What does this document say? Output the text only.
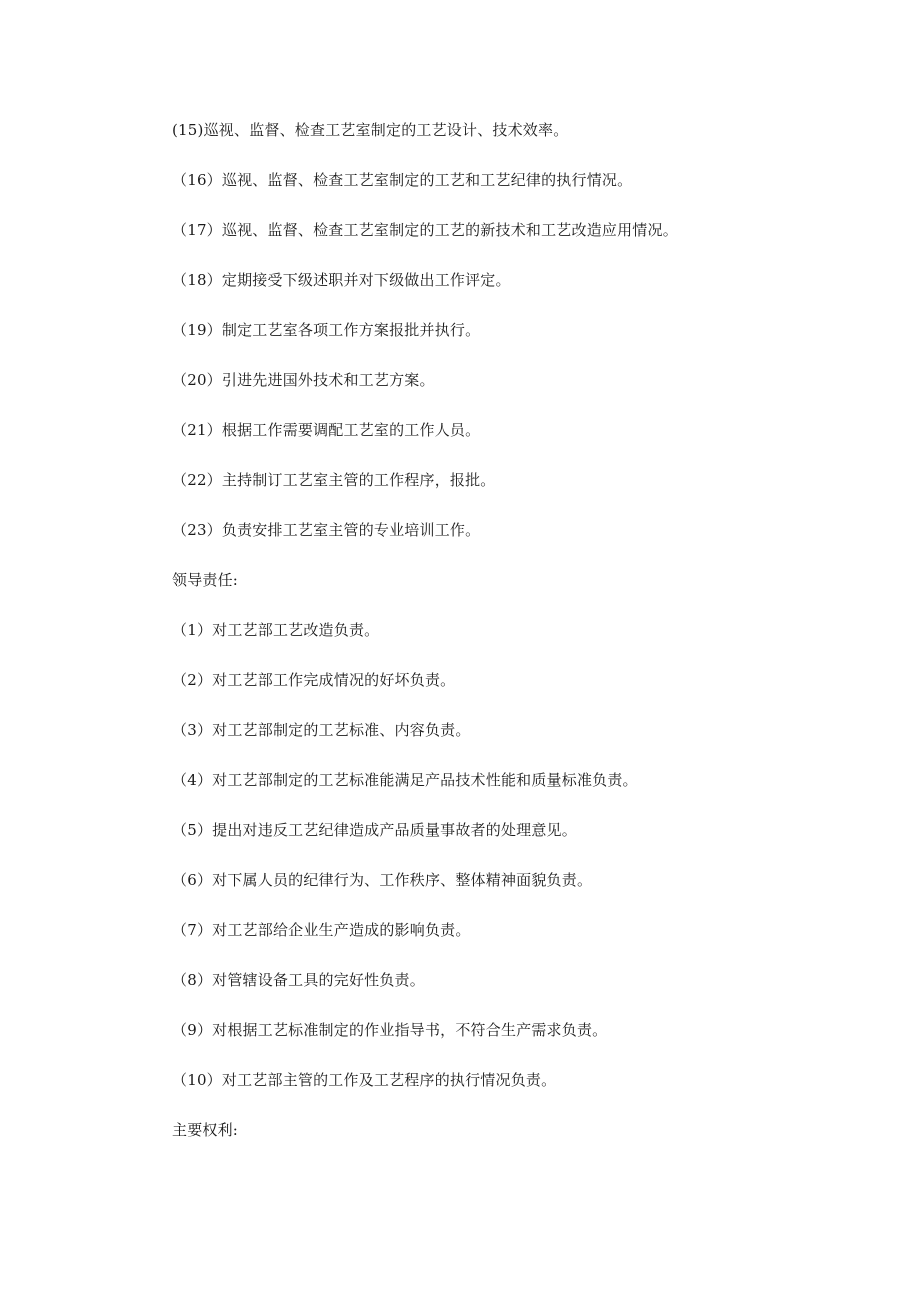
(15)巡视、监督、检查工艺室制定的工艺设计、技术效率。
（16）巡视、监督、检查工艺室制定的工艺和工艺纪律的执行情况。
（17）巡视、监督、检查工艺室制定的工艺的新技术和工艺改造应用情况。
（18）定期接受下级述职并对下级做出工作评定。
（19）制定工艺室各项工作方案报批并执行。
（20）引进先进国外技术和工艺方案。
（21）根据工作需要调配工艺室的工作人员。
（22）主持制订工艺室主管的工作程序，报批。
（23）负责安排工艺室主管的专业培训工作。
领导责任:
（1）对工艺部工艺改造负责。
（2）对工艺部工作完成情况的好坏负责。
（3）对工艺部制定的工艺标准、内容负责。
（4）对工艺部制定的工艺标准能满足产品技术性能和质量标准负责。
（5）提出对违反工艺纪律造成产品质量事故者的处理意见。
（6）对下属人员的纪律行为、工作秩序、整体精神面貌负责。
（7）对工艺部给企业生产造成的影响负责。
（8）对管辖设备工具的完好性负责。
（9）对根据工艺标准制定的作业指导书，不符合生产需求负责。
（10）对工艺部主管的工作及工艺程序的执行情况负责。
主要权利:
